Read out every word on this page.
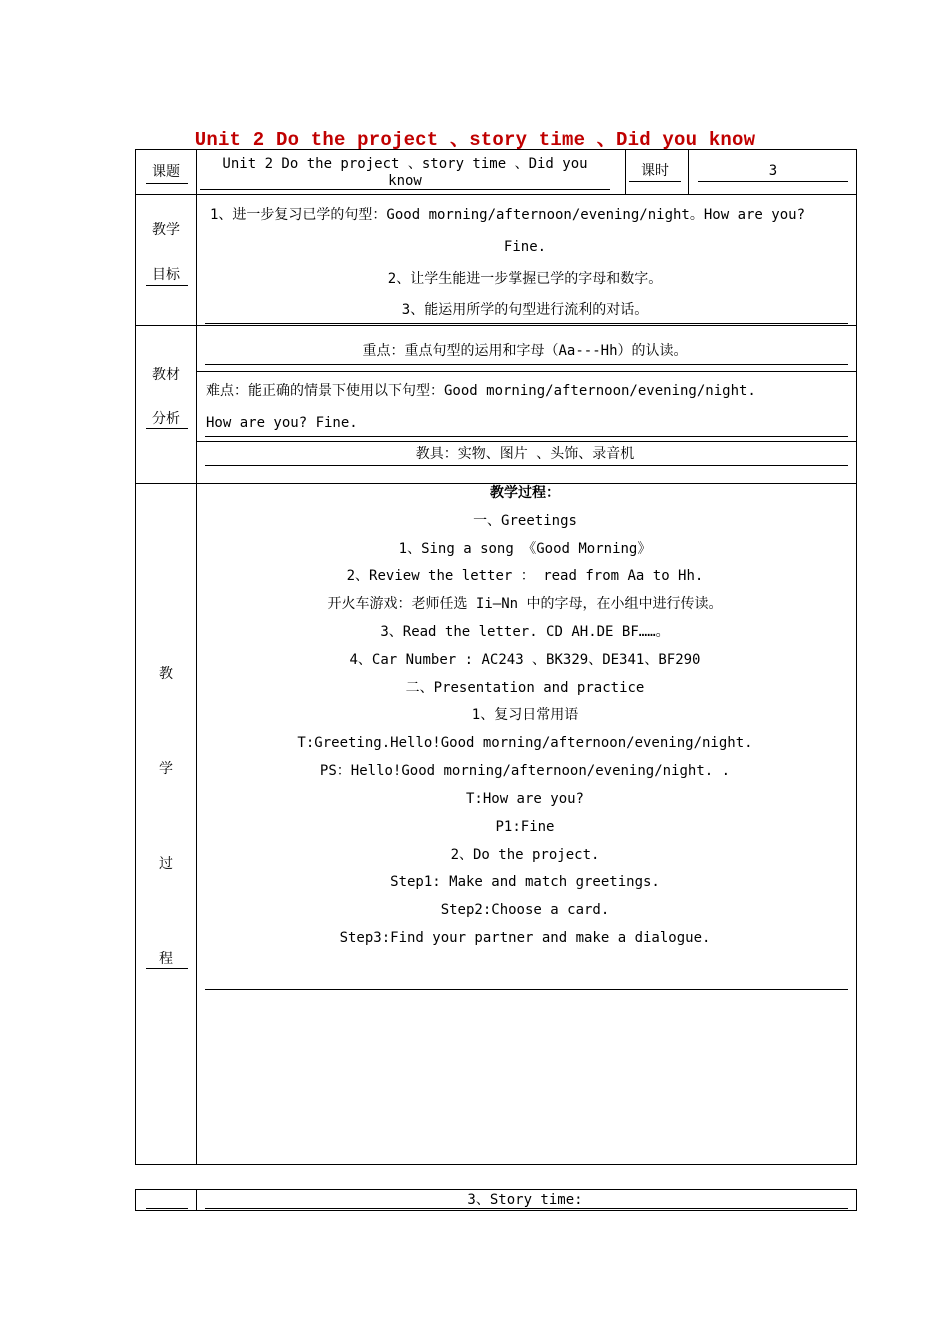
Unit 2 Do the project 、story time 、Did you know
课题	Unit 2 Do the project 、story time 、Did you
know
课时	3
教学
目标
1、进一步复习已学的句型：Good morning/afternoon/evening/night。How are you?
Fine.
2、让学生能进一步掌握已学的字母和数字。
3、能运用所学的句型进行流利的对话。
教材
分析
重点：重点句型的运用和字母（Aa---Hh）的认读。
难点：能正确的情景下使用以下句型：Good morning/afternoon/evening/night.
How are you? Fine.
教具：实物、图片 、头饰、录音机
教
学
过
程
教学过程：
一、Greetings
1、Sing a song 《Good Morning》
2、Review the letter ： read from Aa to Hh.
开火车游戏：老师任选 Ii—Nn 中的字母，在小组中进行传读。
3、Read the letter. CD AH.DE BF……。
4、Car Number : AC243 、BK329、DE341、BF290
二、Presentation and practice
1、复习日常用语
T:Greeting.Hello!Good morning/afternoon/evening/night.
PS：Hello!Good morning/afternoon/evening/night. .
T:How are you?
P1:Fine
2、Do the project.
Step1: Make and match greetings.
Step2:Choose a card.
Step3:Find your partner and make a dialogue.
3、Story time:
